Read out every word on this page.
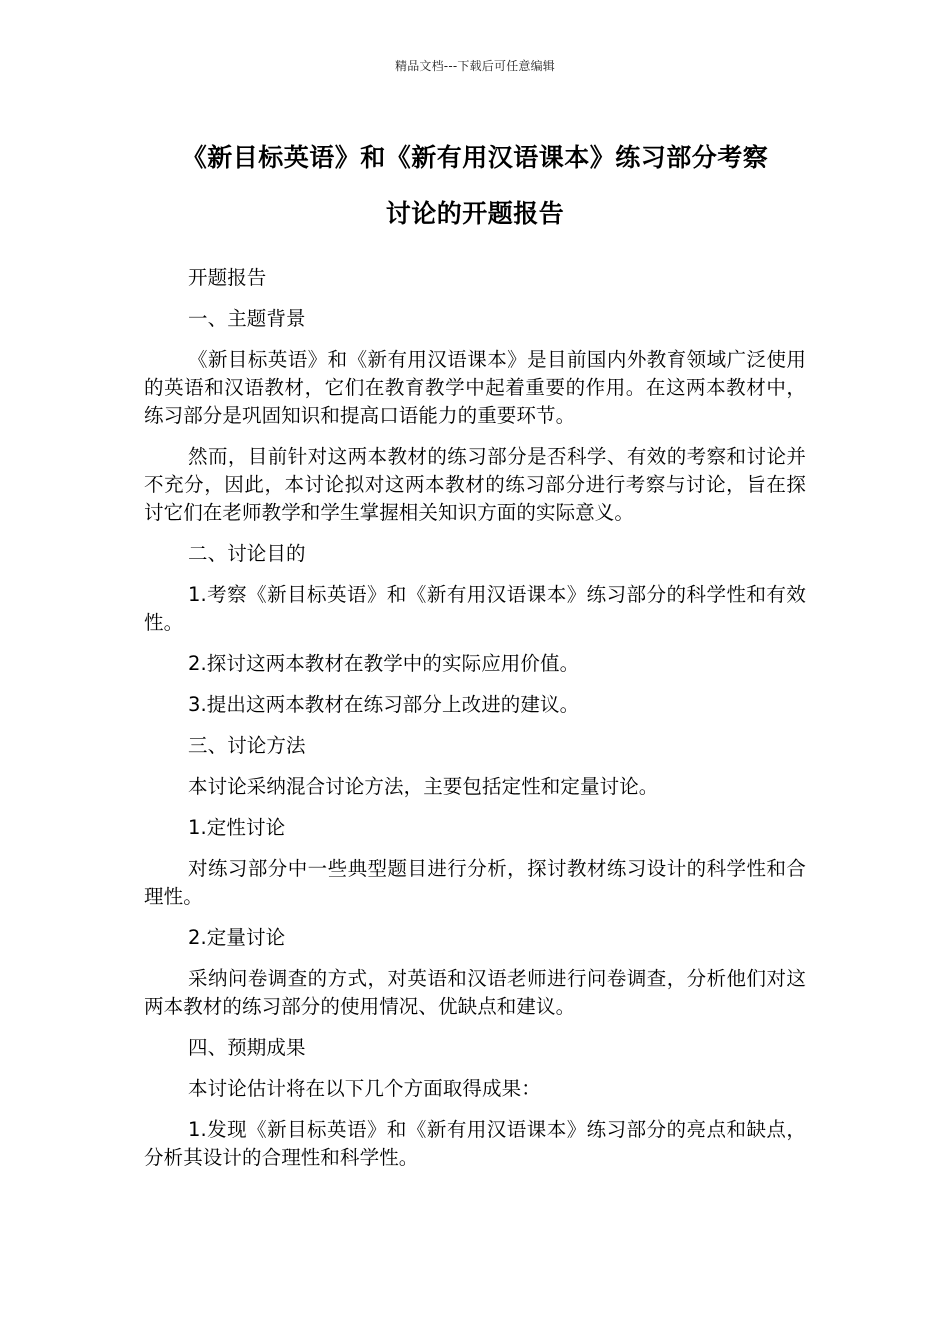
精品文档---下载后可任意编辑
《新目标英语》和《新有用汉语课本》练习部分考察
讨论的开题报告

开题报告

一、主题背景

《新目标英语》和《新有用汉语课本》是目前国内外教育领域广泛使用的英语和汉语教材，它们在教育教学中起着重要的作用。在这两本教材中，练习部分是巩固知识和提高口语能力的重要环节。

然而，目前针对这两本教材的练习部分是否科学、有效的考察和讨论并不充分，因此，本讨论拟对这两本教材的练习部分进行考察与讨论，旨在探讨它们在老师教学和学生掌握相关知识方面的实际意义。

二、讨论目的

1.考察《新目标英语》和《新有用汉语课本》练习部分的科学性和有效性。

2.探讨这两本教材在教学中的实际应用价值。

3.提出这两本教材在练习部分上改进的建议。

三、讨论方法

本讨论采纳混合讨论方法，主要包括定性和定量讨论。

1.定性讨论

对练习部分中一些典型题目进行分析，探讨教材练习设计的科学性和合理性。

2.定量讨论

采纳问卷调查的方式，对英语和汉语老师进行问卷调查，分析他们对这两本教材的练习部分的使用情况、优缺点和建议。

四、预期成果

本讨论估计将在以下几个方面取得成果：

1.发现《新目标英语》和《新有用汉语课本》练习部分的亮点和缺点，分析其设计的合理性和科学性。
